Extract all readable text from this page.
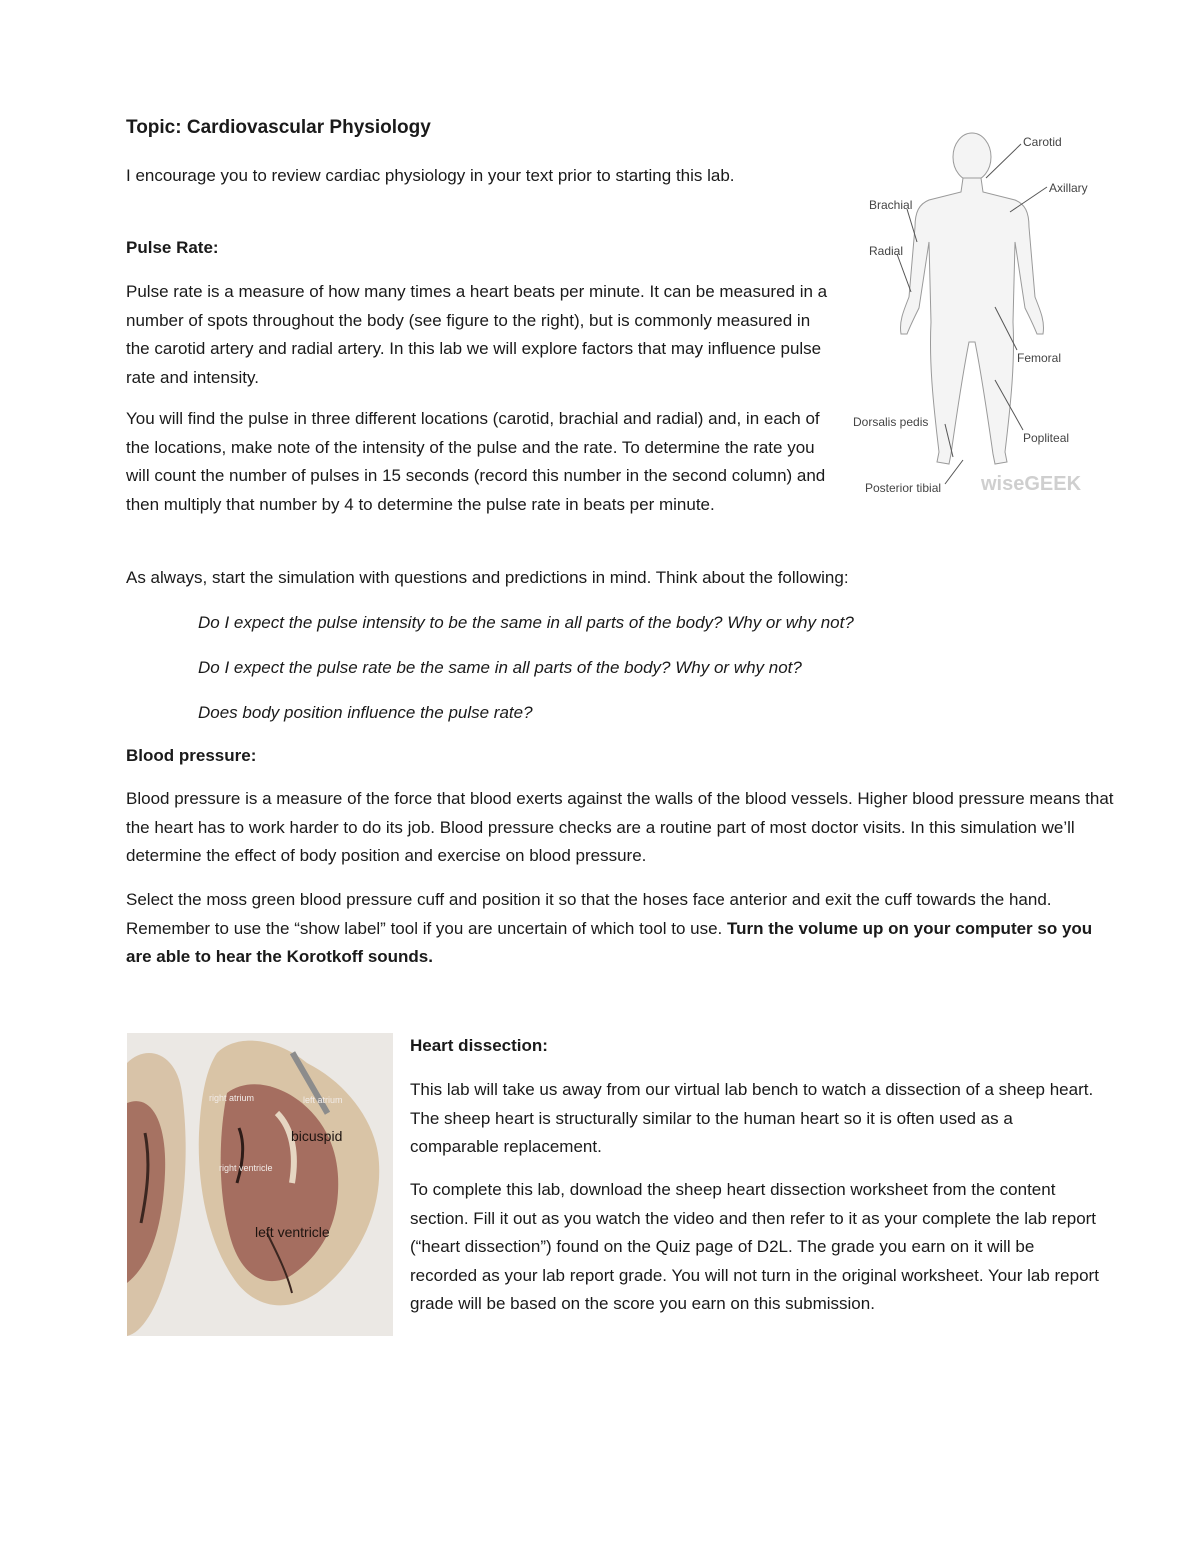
Topic: Cardiovascular Physiology

I encourage you to review cardiac physiology in your text prior to starting this lab.

Pulse Rate:

Pulse rate is a measure of how many times a heart beats per minute. It can be measured in a number of spots throughout the body (see figure to the right), but is commonly measured in the carotid artery and radial artery. In this lab we will explore factors that may influence pulse rate and intensity.

You will find the pulse in three different locations (carotid, brachial and radial) and, in each of the locations, make note of the intensity of the pulse and the rate. To determine the rate you will count the number of pulses in 15 seconds (record this number in the second column) and then multiply that number by 4 to determine the pulse rate in beats per minute.

As always, start the simulation with questions and predictions in mind. Think about the following:

Do I expect the pulse intensity to be the same in all parts of the body? Why or why not?

Do I expect the pulse rate be the same in all parts of the body? Why or why not?

Does body position influence the pulse rate?

Blood pressure:

Blood pressure is a measure of the force that blood exerts against the walls of the blood vessels. Higher blood pressure means that the heart has to work harder to do its job. Blood pressure checks are a routine part of most doctor visits. In this simulation we’ll determine the effect of body position and exercise on blood pressure.

Select the moss green blood pressure cuff and position it so that the hoses face anterior and exit the cuff towards the hand. Remember to use the “show label” tool if you are uncertain of which tool to use. Turn the volume up on your computer so you are able to hear the Korotkoff sounds.

Heart dissection:

This lab will take us away from our virtual lab bench to watch a dissection of a sheep heart. The sheep heart is structurally similar to the human heart so it is often used as a comparable replacement.

To complete this lab, download the sheep heart dissection worksheet from the content section. Fill it out as you watch the video and then refer to it as your complete the lab report (“heart dissection”) found on the Quiz page of D2L. The grade you earn on it will be recorded as your lab report grade. You will not turn in the original worksheet. Your lab report grade will be based on the score you earn on this submission.

Carotid
Axillary
Brachial
Radial
Femoral
Dorsalis pedis
Popliteal
Posterior tibial wiseGEEK
right atrium	left atrium
bicuspid
right ventricle
left ventricle
